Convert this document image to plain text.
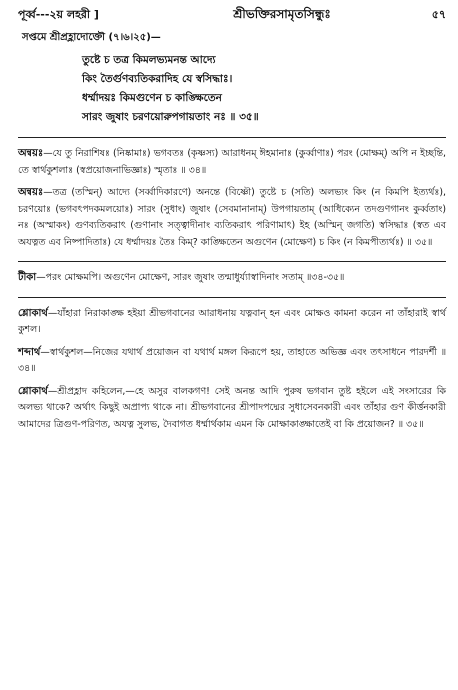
পূর্ব্ব---২য় লহরী ]	শ্রীভক্তিরসামৃতসিন্ধুঃ	৫৭
সপ্তমে শ্রীপ্রহ্লাদোক্তৌ (৭।৬।২৫)—
তুষ্টে চ তত্র কিমলভ্যমনন্ত আদ্যে
কিং তৈর্গুণব্যতিকরাদিহ যে স্বসিদ্ধাঃ।
ধর্ম্মাদয়ঃ কিমগুণেন চ কাঙ্ক্ষিতেন
সারং জুষাং চরণয়োরুপগায়তাং নঃ ॥ ৩৫॥

অন্বয়ঃ—যে তু নিরাশিষঃ (নিষ্কামাঃ) ভগবতঃ (কৃষ্ণস্য) আরাধনম্ ঈহমানাঃ (কুর্ব্বাণাঃ) পরং (মোক্ষম্) অপি ন ইচ্ছন্তি, তে স্বার্থকুশলাঃ (স্বপ্রয়োজনাভিজ্ঞাঃ) স্মৃতাঃ ॥ ৩৪॥

অন্বয়ঃ—তত্র (তস্মিন্) আদ্যে (সর্ব্বাদিকারণে) অনন্তে (বিষ্ণৌ) তুষ্টে চ (সতি) অলভ্যং কিং (ন কিমপি ইত্যর্থঃ), চরণয়োঃ (ভগবৎপদকমলয়োঃ) সারং (সুধাং) জুষাং (সেবমানানাম্) উপগায়তাম্ (আধিক্যেন তদগুণগানং কুর্ব্বতাং) নঃ (অস্মাকং) গুণব্যতিকরাৎ (গুণানাং সত্ত্বাদীনাং ব্যতিকরাৎ পরিণামাৎ) ইহ (অস্মিন্ জগতি) স্বসিদ্ধাঃ (স্বত এব অযত্নত এব নিষ্পাদিতাঃ) যে ধর্ম্মাদয়ঃ তৈঃ কিম্? কাঙ্ক্ষিতেন অগুণেন (মোক্ষেণ) চ কিং (ন কিমপীত্যর্থঃ) ॥ ৩৫॥

টীকা—পরং মোক্ষমপি। অগুণেন মোক্ষেণ, সারং জুষাং তন্মাধুর্য্যাস্বাদিনাং সতাম্ ॥৩৪-৩৫॥

শ্লোকার্থ—যাঁহারা নিরাকাঙ্ক্ষ হইয়া শ্রীভগবানের আরাধনায় যত্নবান্ হন এবং মোক্ষও কামনা করেন না তাঁহারাই স্বার্থ কুশল।

শব্দার্থ—স্বার্থকুশল—নিজের যথার্থ প্রয়োজন বা যথার্থ মঙ্গল কিরূপে হয়, তাহাতে অভিজ্ঞ এবং তৎসাধনে পারদর্শী ॥ ৩৪॥

শ্লোকার্থ—শ্রীপ্রহ্লাদ কহিলেন,—হে অসুর বালকগণ! সেই অনন্ত আদি পুরুষ ভগবান তুষ্ট হইলে এই সংসারের কি অলভ্য থাকে? অর্থাৎ কিছুই অপ্রাপ্য থাকে না। শ্রীভগবানের শ্রীপাদপদ্মের সুধাসেবনকারী এবং তাঁহার গুণ কীর্ত্তনকারী আমাদের ত্রিগুণ-পরিণত, অযত্ন সুলভ, দৈবাগত ধর্ম্মার্থকাম এমন কি মোক্ষাকাঙ্ক্ষাতেই বা কি প্রয়োজন? ॥ ৩৫॥
